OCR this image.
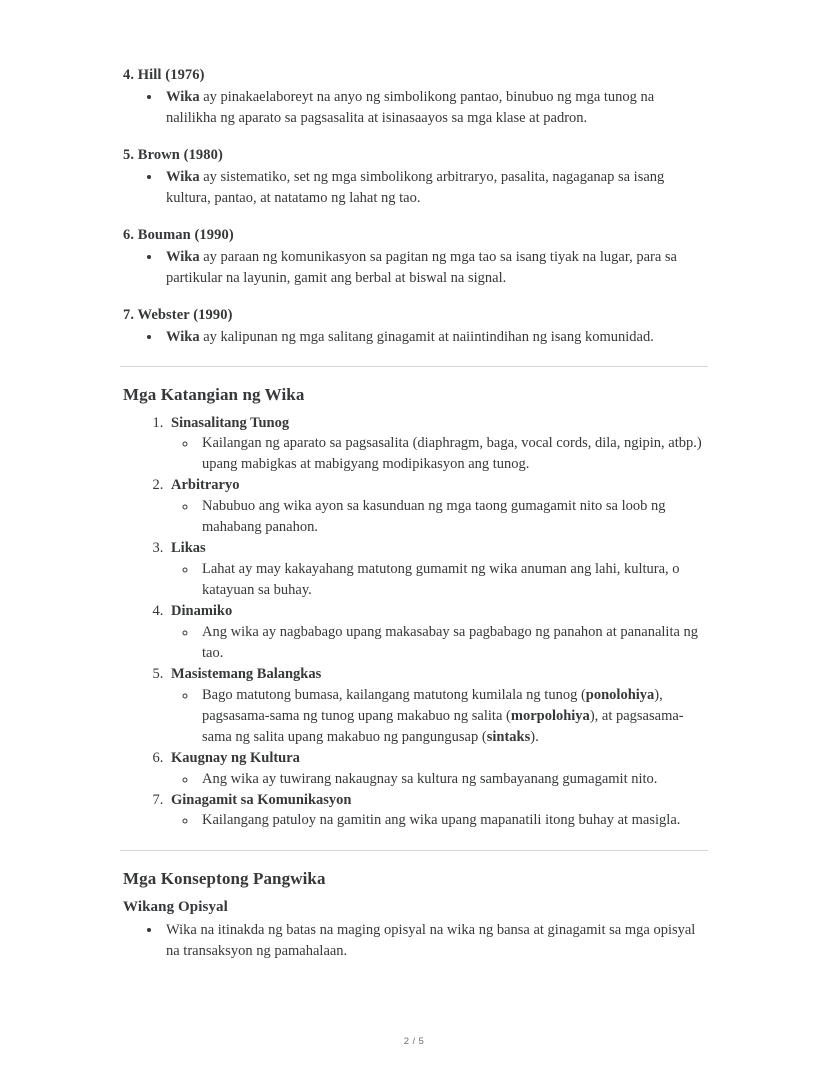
4. Hill (1976)
• Wika ay pinakaelaboreyt na anyo ng simbolikong pantao, binubuo ng mga tunog na nalilikha ng aparato sa pagsasalita at isinasaayos sa mga klase at padron.
5. Brown (1980)
• Wika ay sistematiko, set ng mga simbolikong arbitraryo, pasalita, nagaganap sa isang kultura, pantao, at natatamo ng lahat ng tao.
6. Bouman (1990)
• Wika ay paraan ng komunikasyon sa pagitan ng mga tao sa isang tiyak na lugar, para sa partikular na layunin, gamit ang berbal at biswal na signal.
7. Webster (1990)
• Wika ay kalipunan ng mga salitang ginagamit at naiintindihan ng isang komunidad.
Mga Katangian ng Wika
1. Sinasalitang Tunog
◦ Kailangan ng aparato sa pagsasalita (diaphragm, baga, vocal cords, dila, ngipin, atbp.) upang mabigkas at mabigyang modipikasyon ang tunog.
2. Arbitraryo
◦ Nabubuo ang wika ayon sa kasunduan ng mga taong gumagamit nito sa loob ng mahabang panahon.
3. Likas
◦ Lahat ay may kakayahang matutong gumamit ng wika anuman ang lahi, kultura, o katayuan sa buhay.
4. Dinamiko
◦ Ang wika ay nagbabago upang makasabay sa pagbabago ng panahon at pananalita ng tao.
5. Masistemang Balangkas
◦ Bago matutong bumasa, kailangang matutong kumilala ng tunog (ponolohiya), pagsasama-sama ng tunog upang makabuo ng salita (morpolohiya), at pagsasama-sama ng salita upang makabuo ng pangungusap (sintaks).
6. Kaugnay ng Kultura
◦ Ang wika ay tuwirang nakaugnay sa kultura ng sambayanang gumagamit nito.
7. Ginagamit sa Komunikasyon
◦ Kailangang patuloy na gamitin ang wika upang mapanatili itong buhay at masigla.
Mga Konseptong Pangwika
Wikang Opisyal
• Wika na itinakda ng batas na maging opisyal na wika ng bansa at ginagamit sa mga opisyal na transaksyon ng pamahalaan.
2 / 5
